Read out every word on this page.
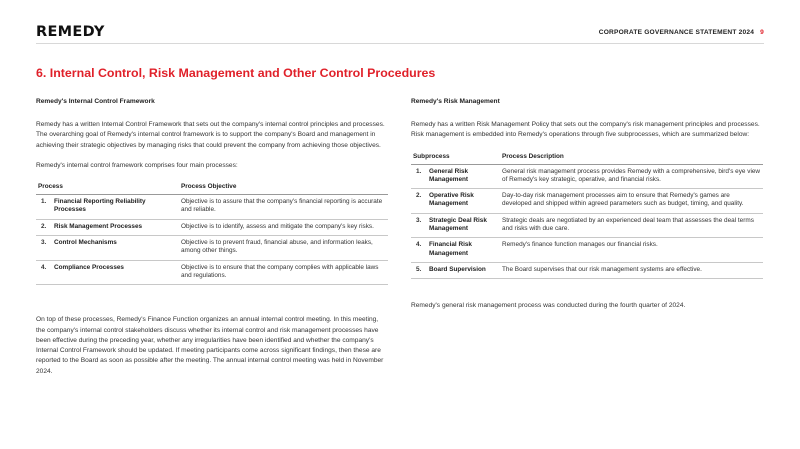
REMEDY	CORPORATE GOVERNANCE STATEMENT 2024 9
6. Internal Control, Risk Management and Other Control Procedures
Remedy's Internal Control Framework

Remedy has a written Internal Control Framework that sets out the company's internal control principles and processes. The overarching goal of Remedy's internal control framework is to support the company's Board and management in achieving their strategic objectives by managing risks that could prevent the company from achieving those objectives.

Remedy's internal control framework comprises four main processes:

Process		Process Objective
1.	Financial Reporting Reliability Processes	Objective is to assure that the company's financial reporting is accurate and reliable.
2.	Risk Management Processes	Objective is to identify, assess and mitigate the company's key risks.
3.	Control Mechanisms	Objective is to prevent fraud, financial abuse, and information leaks, among other things.
4.	Compliance Processes	Objective is to ensure that the company complies with applicable laws and regulations.

On top of these processes, Remedy's Finance Function organizes an annual internal control meeting. In this meeting, the company's internal control stakeholders discuss whether its internal control and risk management processes have been effective during the preceding year, whether any irregularities have been identified and whether the company's Internal Control Framework should be updated. If meeting participants come across significant findings, then these are reported to the Board as soon as possible after the meeting. The annual internal control meeting was held in November 2024.

Remedy's Risk Management

Remedy has a written Risk Management Policy that sets out the company's risk management principles and processes. Risk management is embedded into Remedy's operations through five subprocesses, which are summarized below:

Subprocess		Process Description
1.	General Risk Management	General risk management process provides Remedy with a comprehensive, bird's eye view of Remedy's key strategic, operative, and financial risks.
2.	Operative Risk Management	Day-to-day risk management processes aim to ensure that Remedy's games are developed and shipped within agreed parameters such as budget, timing, and quality.
3.	Strategic Deal Risk Management	Strategic deals are negotiated by an experienced deal team that assesses the deal terms and risks with due care.
4.	Financial Risk Management	Remedy's finance function manages our financial risks.
5.	Board Supervision	The Board supervises that our risk management systems are effective.

Remedy's general risk management process was conducted during the fourth quarter of 2024.
